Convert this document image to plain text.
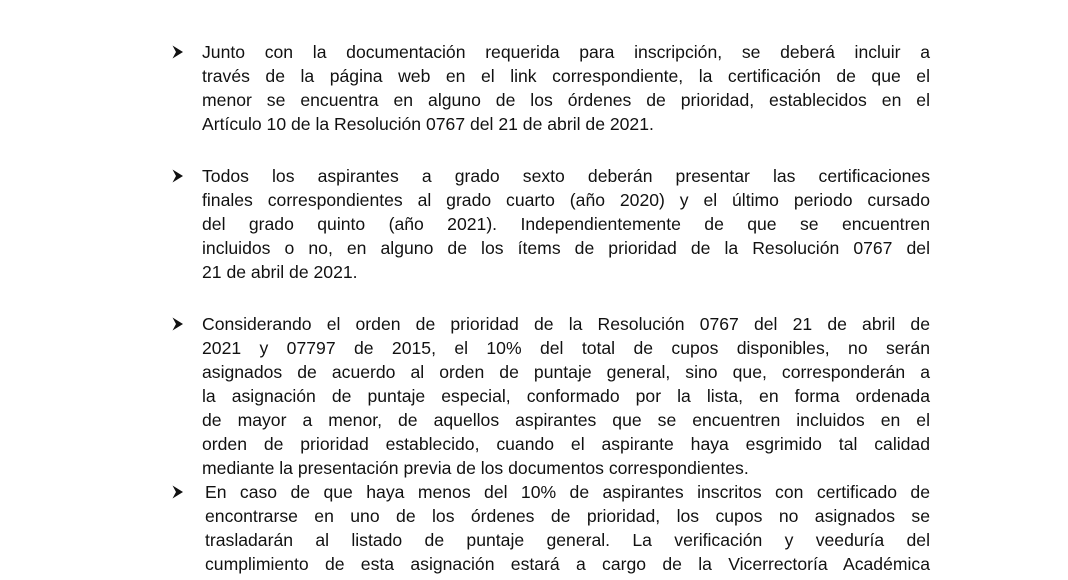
Junto con la documentación requerida para inscripción, se deberá incluir a
través de la página web en el link correspondiente, la certificación de que el
menor se encuentra en alguno de los órdenes de prioridad, establecidos en el
Artículo 10 de la Resolución 0767 del 21 de abril de 2021.
Todos los aspirantes a grado sexto deberán presentar las certificaciones
finales correspondientes al grado cuarto (año 2020) y el último periodo cursado
del grado quinto (año 2021). Independientemente de que se encuentren
incluidos o no, en alguno de los ítems de prioridad de la Resolución 0767 del
21 de abril de 2021.
Considerando el orden de prioridad de la Resolución 0767 del 21 de abril de
2021 y 07797 de 2015, el 10% del total de cupos disponibles, no serán
asignados de acuerdo al orden de puntaje general, sino que, corresponderán a
la asignación de puntaje especial, conformado por la lista, en forma ordenada
de mayor a menor, de aquellos aspirantes que se encuentren incluidos en el
orden de prioridad establecido, cuando el aspirante haya esgrimido tal calidad
mediante la presentación previa de los documentos correspondientes.
En caso de que haya menos del 10% de aspirantes inscritos con certificado de
encontrarse en uno de los órdenes de prioridad, los cupos no asignados se
trasladarán al listado de puntaje general. La verificación y veeduría del
cumplimiento de esta asignación estará a cargo de la Vicerrectoría Académica
